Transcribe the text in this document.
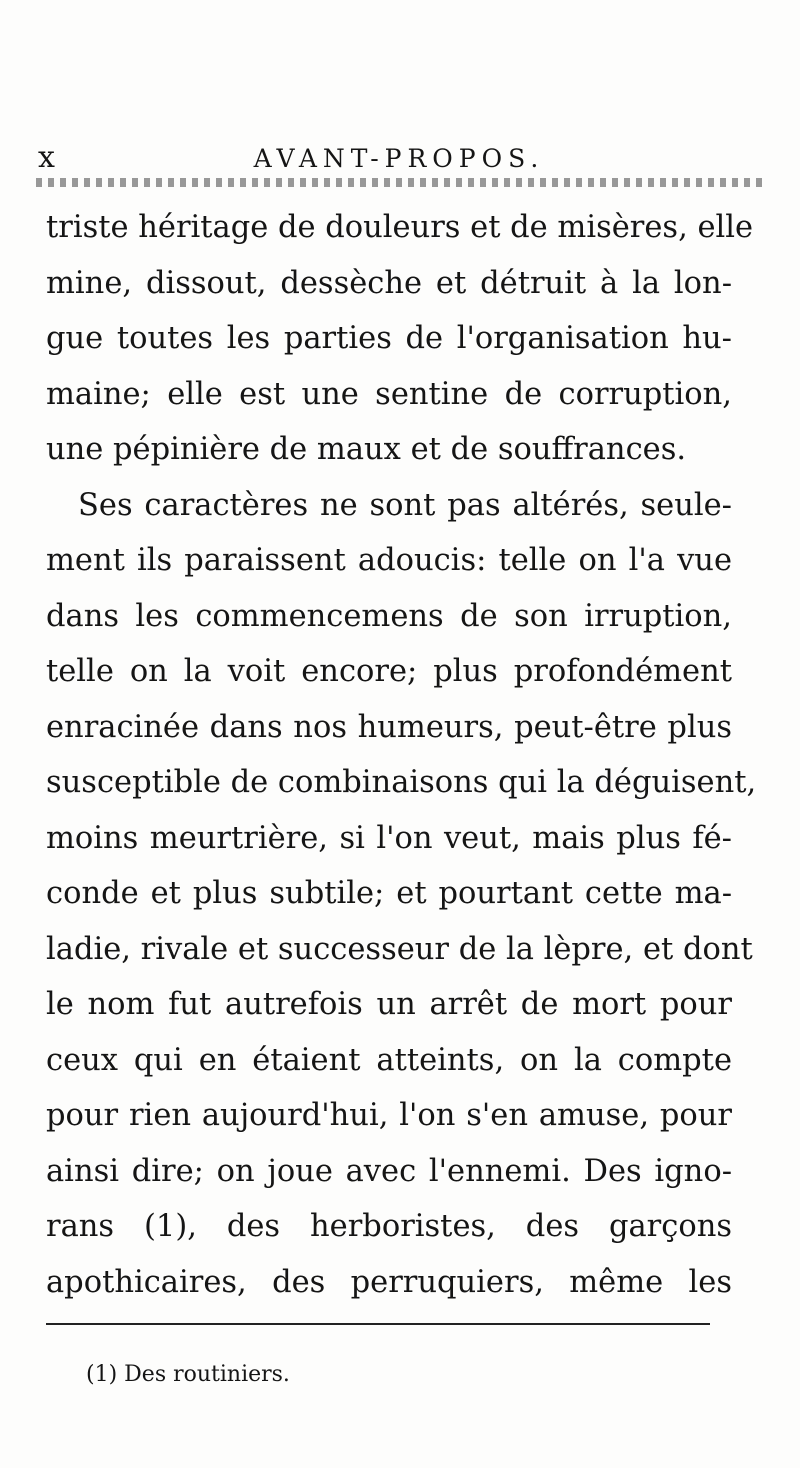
x	AVANT-PROPOS.
triste héritage de douleurs et de misères, elle
mine, dissout, dessèche et détruit à la lon-
gue toutes les parties de l'organisation hu-
maine; elle est une sentine de corruption,
une pépinière de maux et de souffrances.
Ses caractères ne sont pas altérés, seule-
ment ils paraissent adoucis: telle on l'a vue
dans les commencemens de son irruption,
telle on la voit encore; plus profondément
enracinée dans nos humeurs, peut-être plus
susceptible de combinaisons qui la déguisent,
moins meurtrière, si l'on veut, mais plus fé-
conde et plus subtile; et pourtant cette ma-
ladie, rivale et successeur de la lèpre, et dont
le nom fut autrefois un arrêt de mort pour
ceux qui en étaient atteints, on la compte
pour rien aujourd'hui, l'on s'en amuse, pour
ainsi dire; on joue avec l'ennemi. Des igno-
rans (1), des herboristes, des garçons
apothicaires, des perruquiers, même les
(1) Des routiniers.
